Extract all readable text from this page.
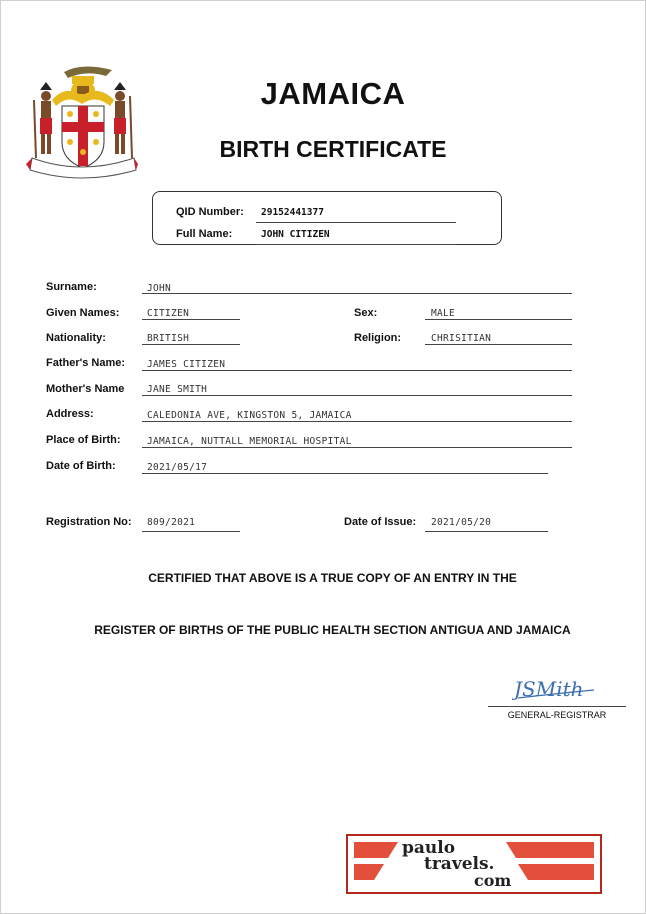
JAMAICA
BIRTH CERTIFICATE
QID Number: 29152441377
Full Name:	JOHN CITIZEN
Surname:	JOHN
Given Names:	CITIZEN	Sex:	MALE
Nationality:	BRITISH	Religion:	CHRISITIAN
Father's Name: JAMES CITIZEN
Mother's Name JANE SMITH
Address:	CALEDONIA AVE, KINGSTON 5, JAMAICA
Place of Birth:	JAMAICA, NUTTALL MEMORIAL HOSPITAL
Date of Birth:	2021/05/17
Registration No: 809/2021	Date of Issue: 2021/05/20
CERTIFIED THAT ABOVE IS A TRUE COPY OF AN ENTRY IN THE
REGISTER OF BIRTHS OF THE PUBLIC HEALTH SECTION ANTIGUA AND JAMAICA
JSMith
GENERAL-REGISTRAR
paulo
travels.
com
